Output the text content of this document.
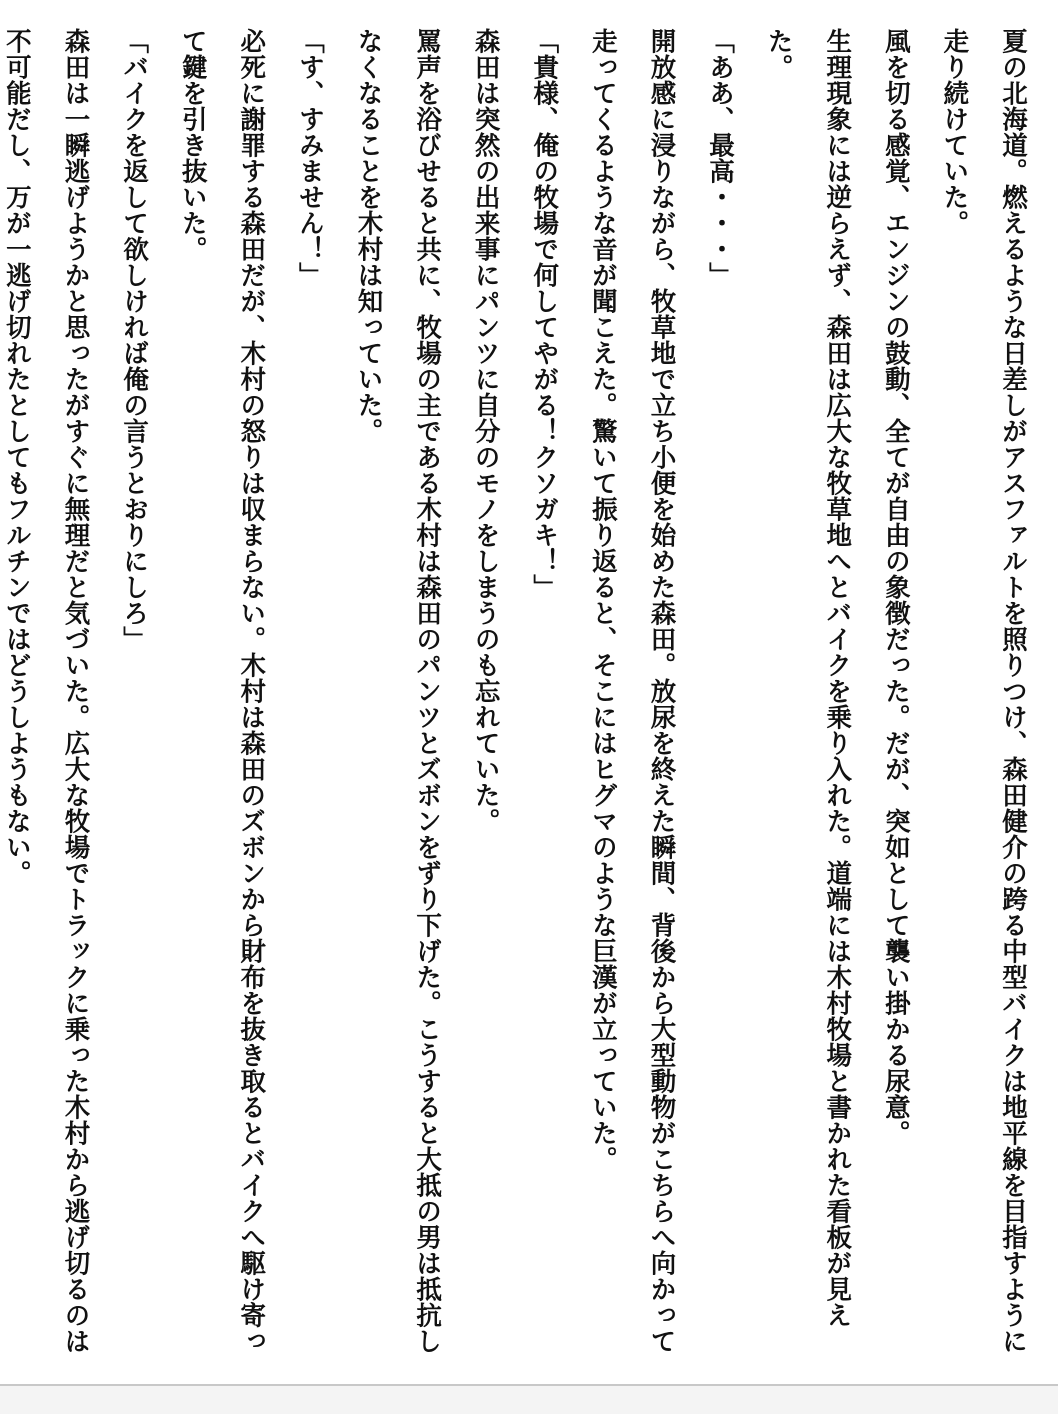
夏の北海道。燃えるような日差しがアスファルトを照りつけ、森田健介の跨る中型バイクは地平線を目指すように走り続けていた。

風を切る感覚、エンジンの鼓動、全てが自由の象徴だった。だが、突如として襲い掛かる尿意。

生理現象には逆らえず、森田は広大な牧草地へとバイクを乗り入れた。道端には木村牧場と書かれた看板が見えた。

「ああ、最高・・・」

開放感に浸りながら、牧草地で立ち小便を始めた森田。放尿を終えた瞬間、背後から大型動物がこちらへ向かって走ってくるような音が聞こえた。驚いて振り返ると、そこにはヒグマのような巨漢が立っていた。

「貴様、俺の牧場で何してやがる！クソガキ！」

森田は突然の出来事にパンツに自分のモノをしまうのも忘れていた。

罵声を浴びせると共に、牧場の主である木村は森田のパンツとズボンをずり下げた。こうすると大抵の男は抵抗しなくなることを木村は知っていた。

「す、すみません！」

必死に謝罪する森田だが、木村の怒りは収まらない。木村は森田のズボンから財布を抜き取るとバイクへ駆け寄って鍵を引き抜いた。

「バイクを返して欲しければ俺の言うとおりにしろ」

森田は一瞬逃げようかと思ったがすぐに無理だと気づいた。広大な牧場でトラックに乗った木村から逃げ切るのは不可能だし、万が一逃げ切れたとしてもフルチンではどうしようもない。
